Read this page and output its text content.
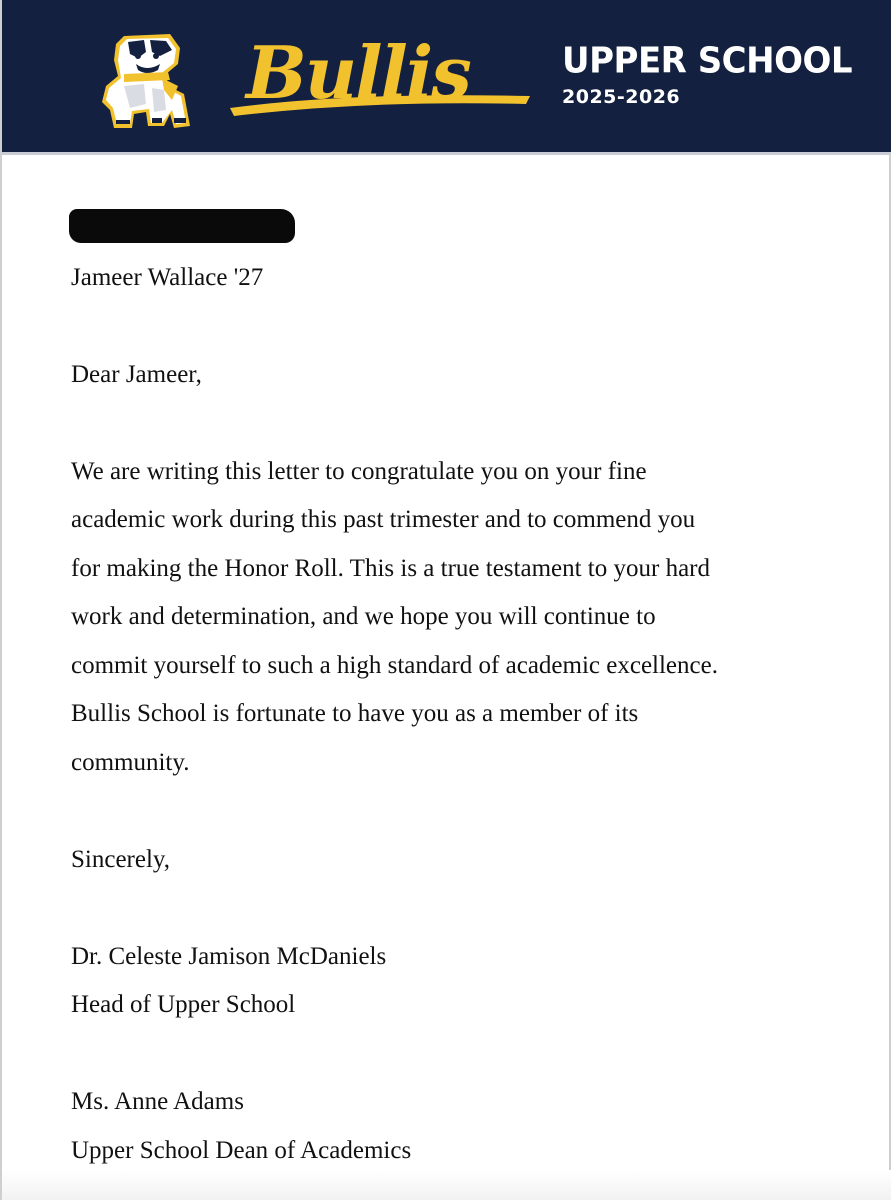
Bullis	UPPER SCHOOL
2025-2026

Jameer Wallace '27

Dear Jameer,

We are writing this letter to congratulate you on your fine

academic work during this past trimester and to commend you

for making the Honor Roll. This is a true testament to your hard

work and determination, and we hope you will continue to

commit yourself to such a high standard of academic excellence.

Bullis School is fortunate to have you as a member of its

community.

Sincerely,

Dr. Celeste Jamison McDaniels

Head of Upper School

Ms. Anne Adams

Upper School Dean of Academics
